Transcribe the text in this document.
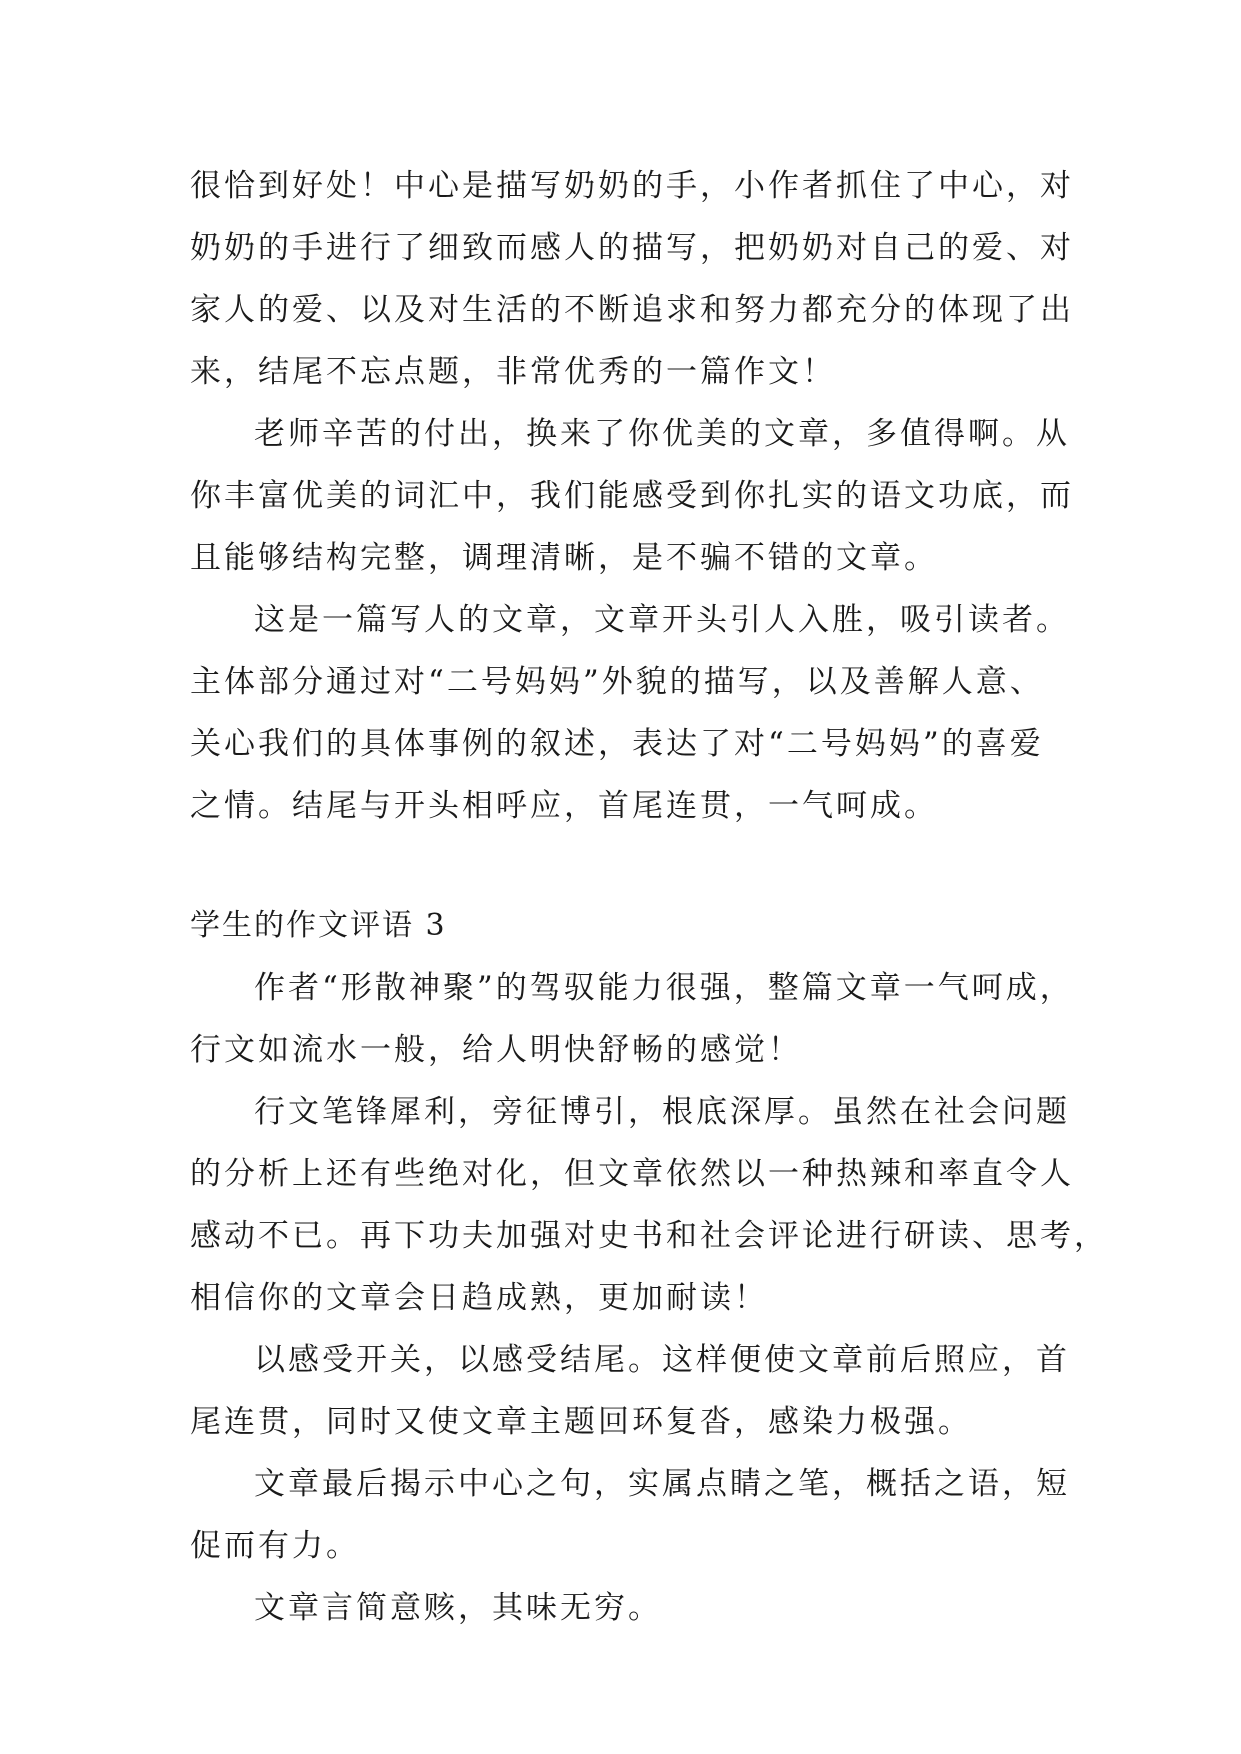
很恰到好处！中心是描写奶奶的手，小作者抓住了中心，对
奶奶的手进行了细致而感人的描写，把奶奶对自己的爱、对
家人的爱、以及对生活的不断追求和努力都充分的体现了出
来，结尾不忘点题，非常优秀的一篇作文！
老师辛苦的付出，换来了你优美的文章，多值得啊。从
你丰富优美的词汇中，我们能感受到你扎实的语文功底，而
且能够结构完整，调理清晰，是不骗不错的文章。
这是一篇写人的文章，文章开头引人入胜，吸引读者。
主体部分通过对“二号妈妈”外貌的描写，以及善解人意、
关心我们的具体事例的叙述，表达了对“二号妈妈”的喜爱
之情。结尾与开头相呼应，首尾连贯，一气呵成。
学生的作文评语 3
作者“形散神聚”的驾驭能力很强，整篇文章一气呵成，
行文如流水一般，给人明快舒畅的感觉！
行文笔锋犀利，旁征博引，根底深厚。虽然在社会问题
的分析上还有些绝对化，但文章依然以一种热辣和率直令人
感动不已。再下功夫加强对史书和社会评论进行研读、思考，
相信你的文章会日趋成熟，更加耐读！
以感受开关，以感受结尾。这样便使文章前后照应，首
尾连贯，同时又使文章主题回环复沓，感染力极强。
文章最后揭示中心之句，实属点睛之笔，概括之语，短
促而有力。
文章言简意赅，其味无穷。
